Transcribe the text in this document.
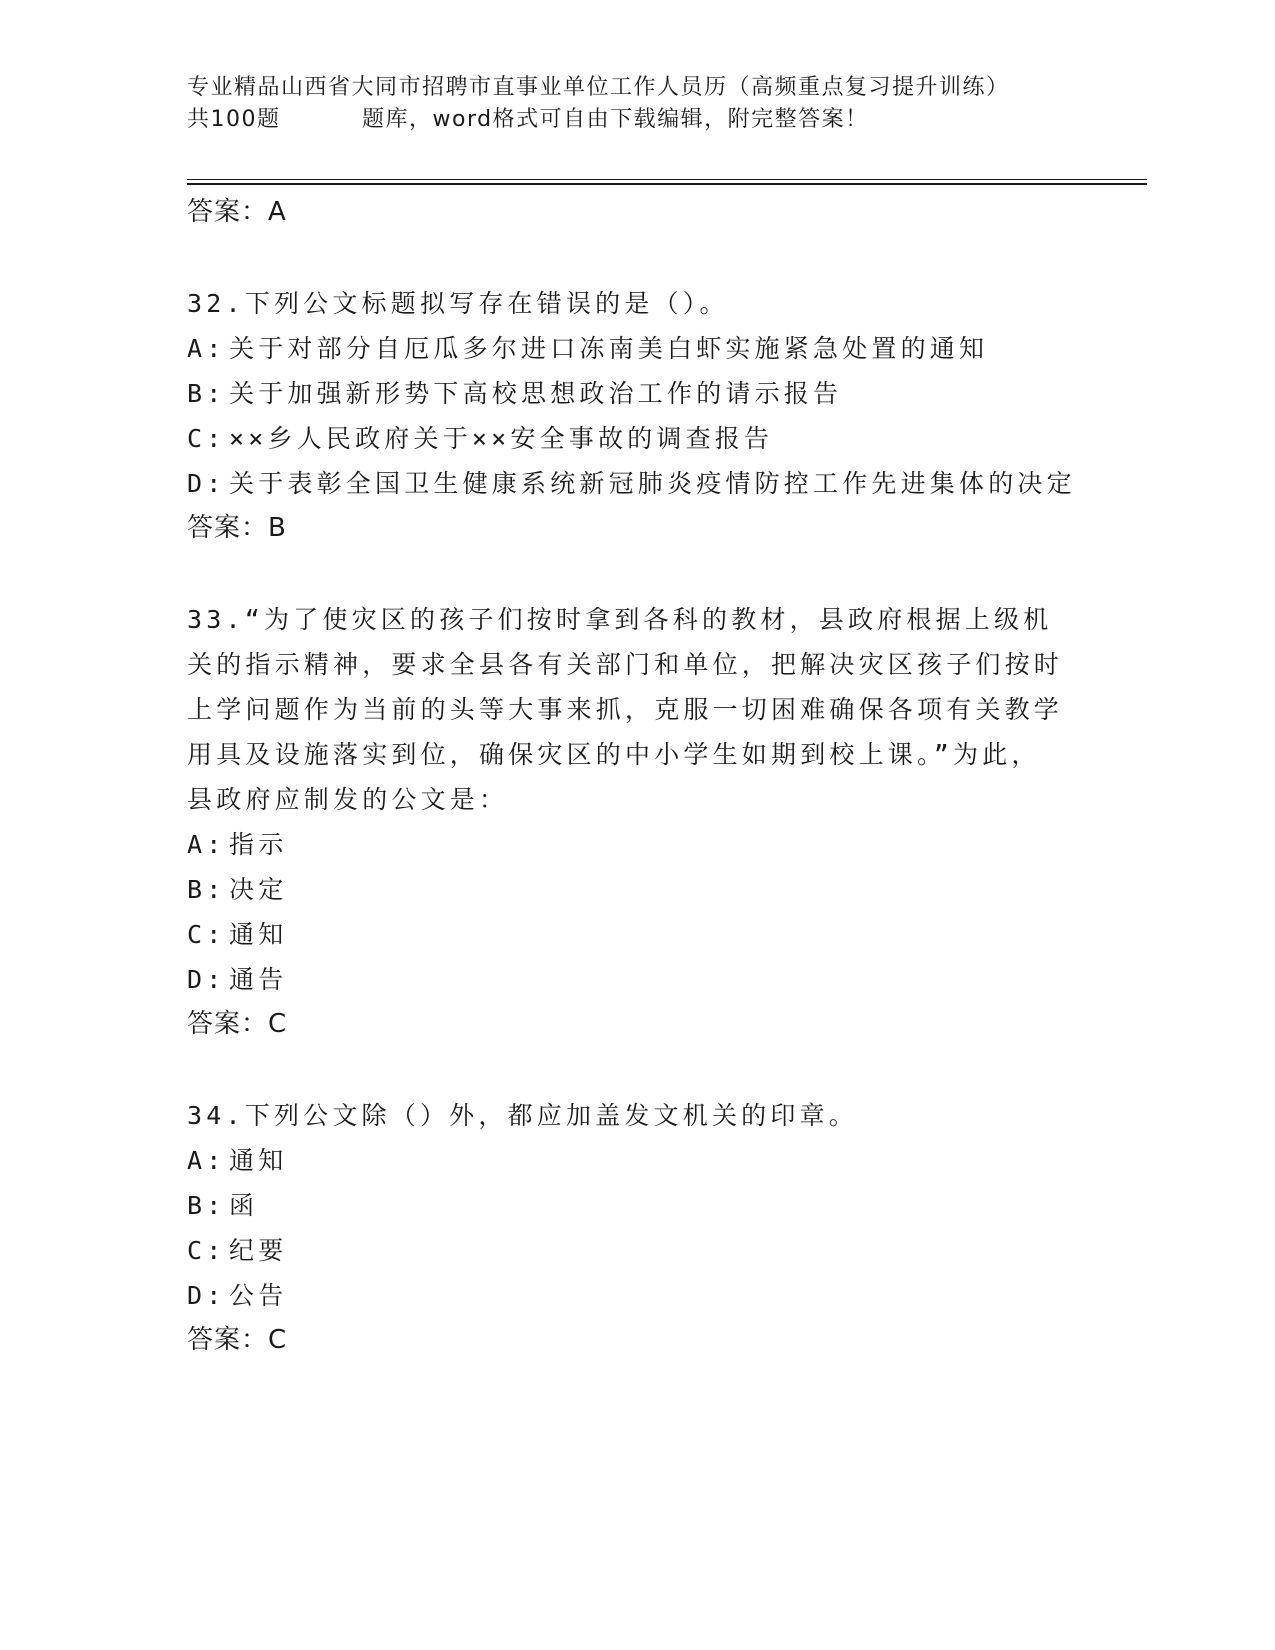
专业精品山西省大同市招聘市直事业单位工作人员历（高频重点复习提升训练）
共100题	题库，word格式可自由下载编辑，附完整答案！

答案：A

32.下列公文标题拟写存在错误的是（）。

A: 关于对部分自厄瓜多尔进口冻南美白虾实施紧急处置的通知

B: 关于加强新形势下高校思想政治工作的请示报告

C: ××乡人民政府关于××安全事故的调查报告

D: 关于表彰全国卫生健康系统新冠肺炎疫情防控工作先进集体的决定

答案：B

33.“为了使灾区的孩子们按时拿到各科的教材，县政府根据上级机关的指示精神，要求全县各有关部门和单位，把解决灾区孩子们按时上学问题作为当前的头等大事来抓，克服一切困难确保各项有关教学用具及设施落实到位，确保灾区的中小学生如期到校上课。”为此，县政府应制发的公文是：

A: 指示

B: 决定

C: 通知

D: 通告

答案：C

34.下列公文除（）外，都应加盖发文机关的印章。

A: 通知

B: 函

C: 纪要

D: 公告

答案：C
